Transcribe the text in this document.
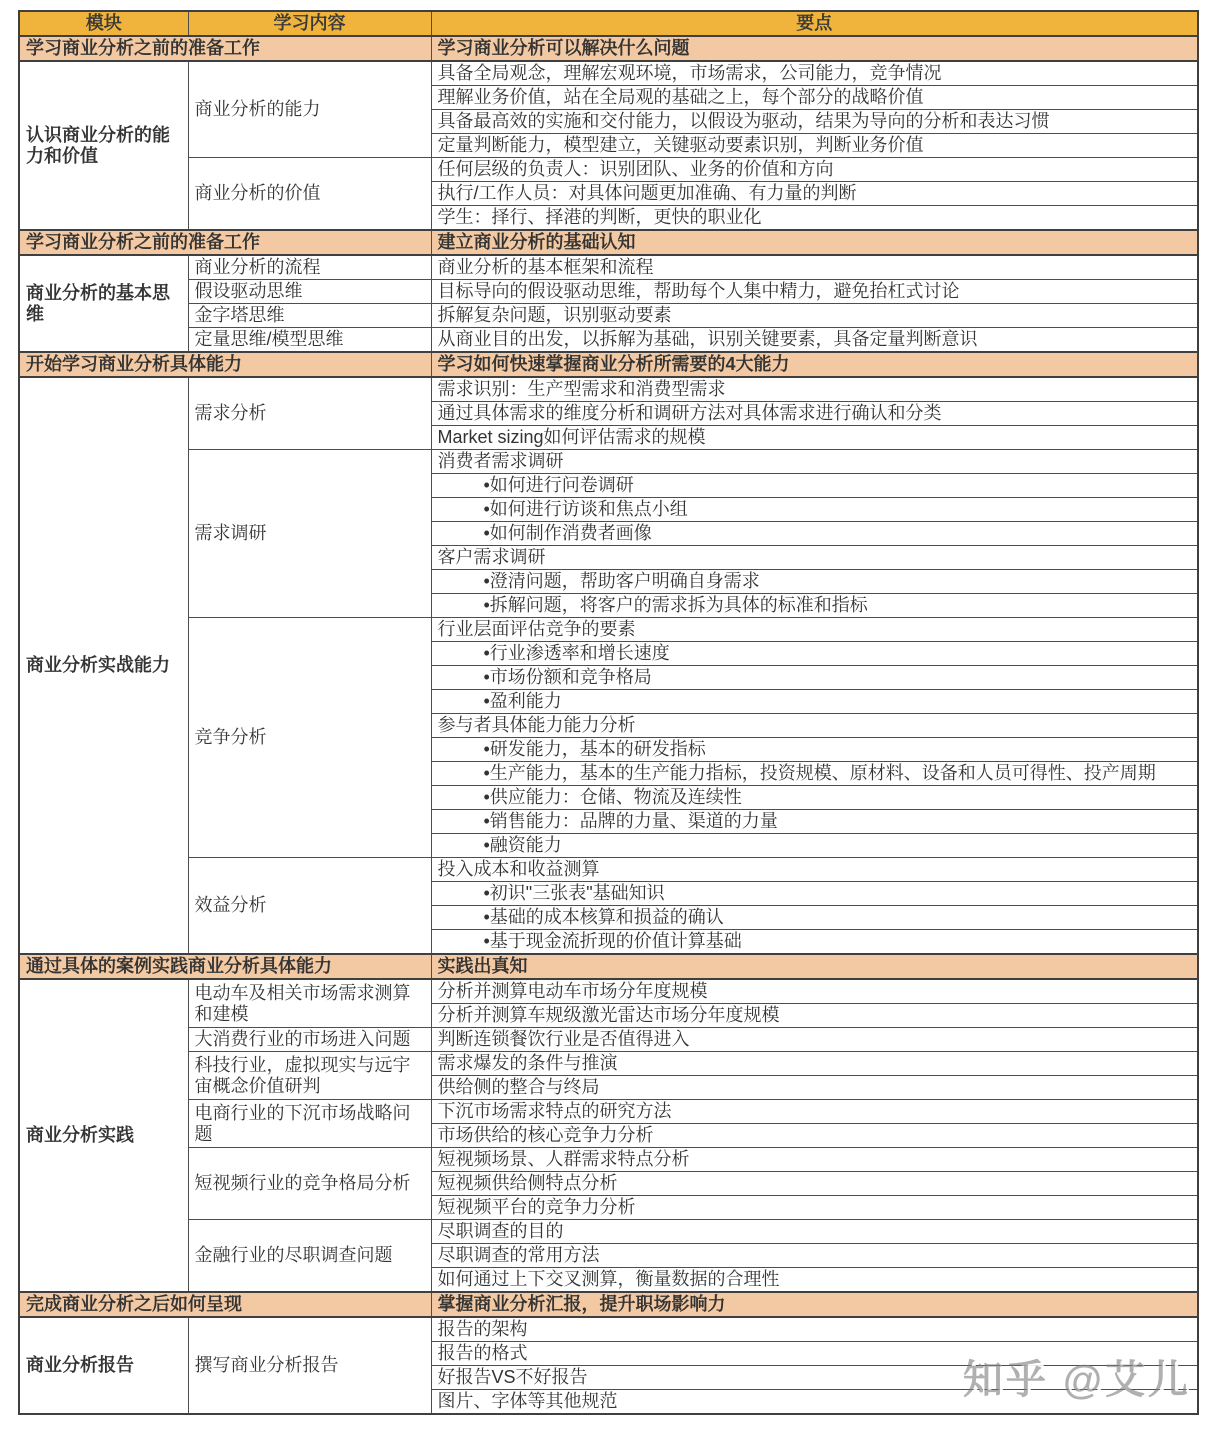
模块	学习内容	要点
学习商业分析之前的准备工作		学习商业分析可以解决什么问题
认识商业分析的能力和价值	商业分析的能力	具备全局观念，理解宏观环境，市场需求，公司能力，竞争情况
		理解业务价值，站在全局观的基础之上，每个部分的战略价值
		具备最高效的实施和交付能力，以假设为驱动，结果为导向的分析和表达习惯
		定量判断能力，模型建立，关键驱动要素识别，判断业务价值
	商业分析的价值	任何层级的负责人：识别团队、业务的价值和方向
		执行/工作人员：对具体问题更加准确、有力量的判断
		学生：择行、择港的判断，更快的职业化
学习商业分析之前的准备工作		建立商业分析的基础认知
商业分析的基本思维	商业分析的流程	商业分析的基本框架和流程
	假设驱动思维	目标导向的假设驱动思维，帮助每个人集中精力，避免抬杠式讨论
	金字塔思维	拆解复杂问题，识别驱动要素
	定量思维/模型思维	从商业目的出发，以拆解为基础，识别关键要素，具备定量判断意识
开始学习商业分析具体能力		学习如何快速掌握商业分析所需要的4大能力
商业分析实战能力	需求分析	需求识别：生产型需求和消费型需求
		通过具体需求的维度分析和调研方法对具体需求进行确认和分类
		Market sizing如何评估需求的规模
	需求调研	消费者需求调研
		•如何进行问卷调研
		•如何进行访谈和焦点小组
		•如何制作消费者画像
		客户需求调研
		•澄清问题，帮助客户明确自身需求
		•拆解问题，将客户的需求拆为具体的标准和指标
	竞争分析	行业层面评估竞争的要素
		•行业渗透率和增长速度
		•市场份额和竞争格局
		•盈利能力
		参与者具体能力能力分析
		•研发能力，基本的研发指标
		•生产能力，基本的生产能力指标，投资规模、原材料、设备和人员可得性、投产周期
		•供应能力：仓储、物流及连续性
		•销售能力：品牌的力量、渠道的力量
		•融资能力
	效益分析	投入成本和收益测算
		•初识"三张表"基础知识
		•基础的成本核算和损益的确认
		•基于现金流折现的价值计算基础
通过具体的案例实践商业分析具体能力		实践出真知
商业分析实践	电动车及相关市场需求测算和建模	分析并测算电动车市场分年度规模
		分析并测算车规级激光雷达市场分年度规模
	大消费行业的市场进入问题	判断连锁餐饮行业是否值得进入
	科技行业，虚拟现实与远宇宙概念价值研判	需求爆发的条件与推演
		供给侧的整合与终局
	电商行业的下沉市场战略问题	下沉市场需求特点的研究方法
		市场供给的核心竞争力分析
	短视频行业的竞争格局分析	短视频场景、人群需求特点分析
		短视频供给侧特点分析
		短视频平台的竞争力分析
	金融行业的尽职调查问题	尽职调查的目的
		尽职调查的常用方法
		如何通过上下交叉测算，衡量数据的合理性
完成商业分析之后如何呈现		掌握商业分析汇报，提升职场影响力
商业分析报告	撰写商业分析报告	报告的架构
		报告的格式
		好报告VS不好报告
		图片、字体等其他规范	知乎 @艾儿
